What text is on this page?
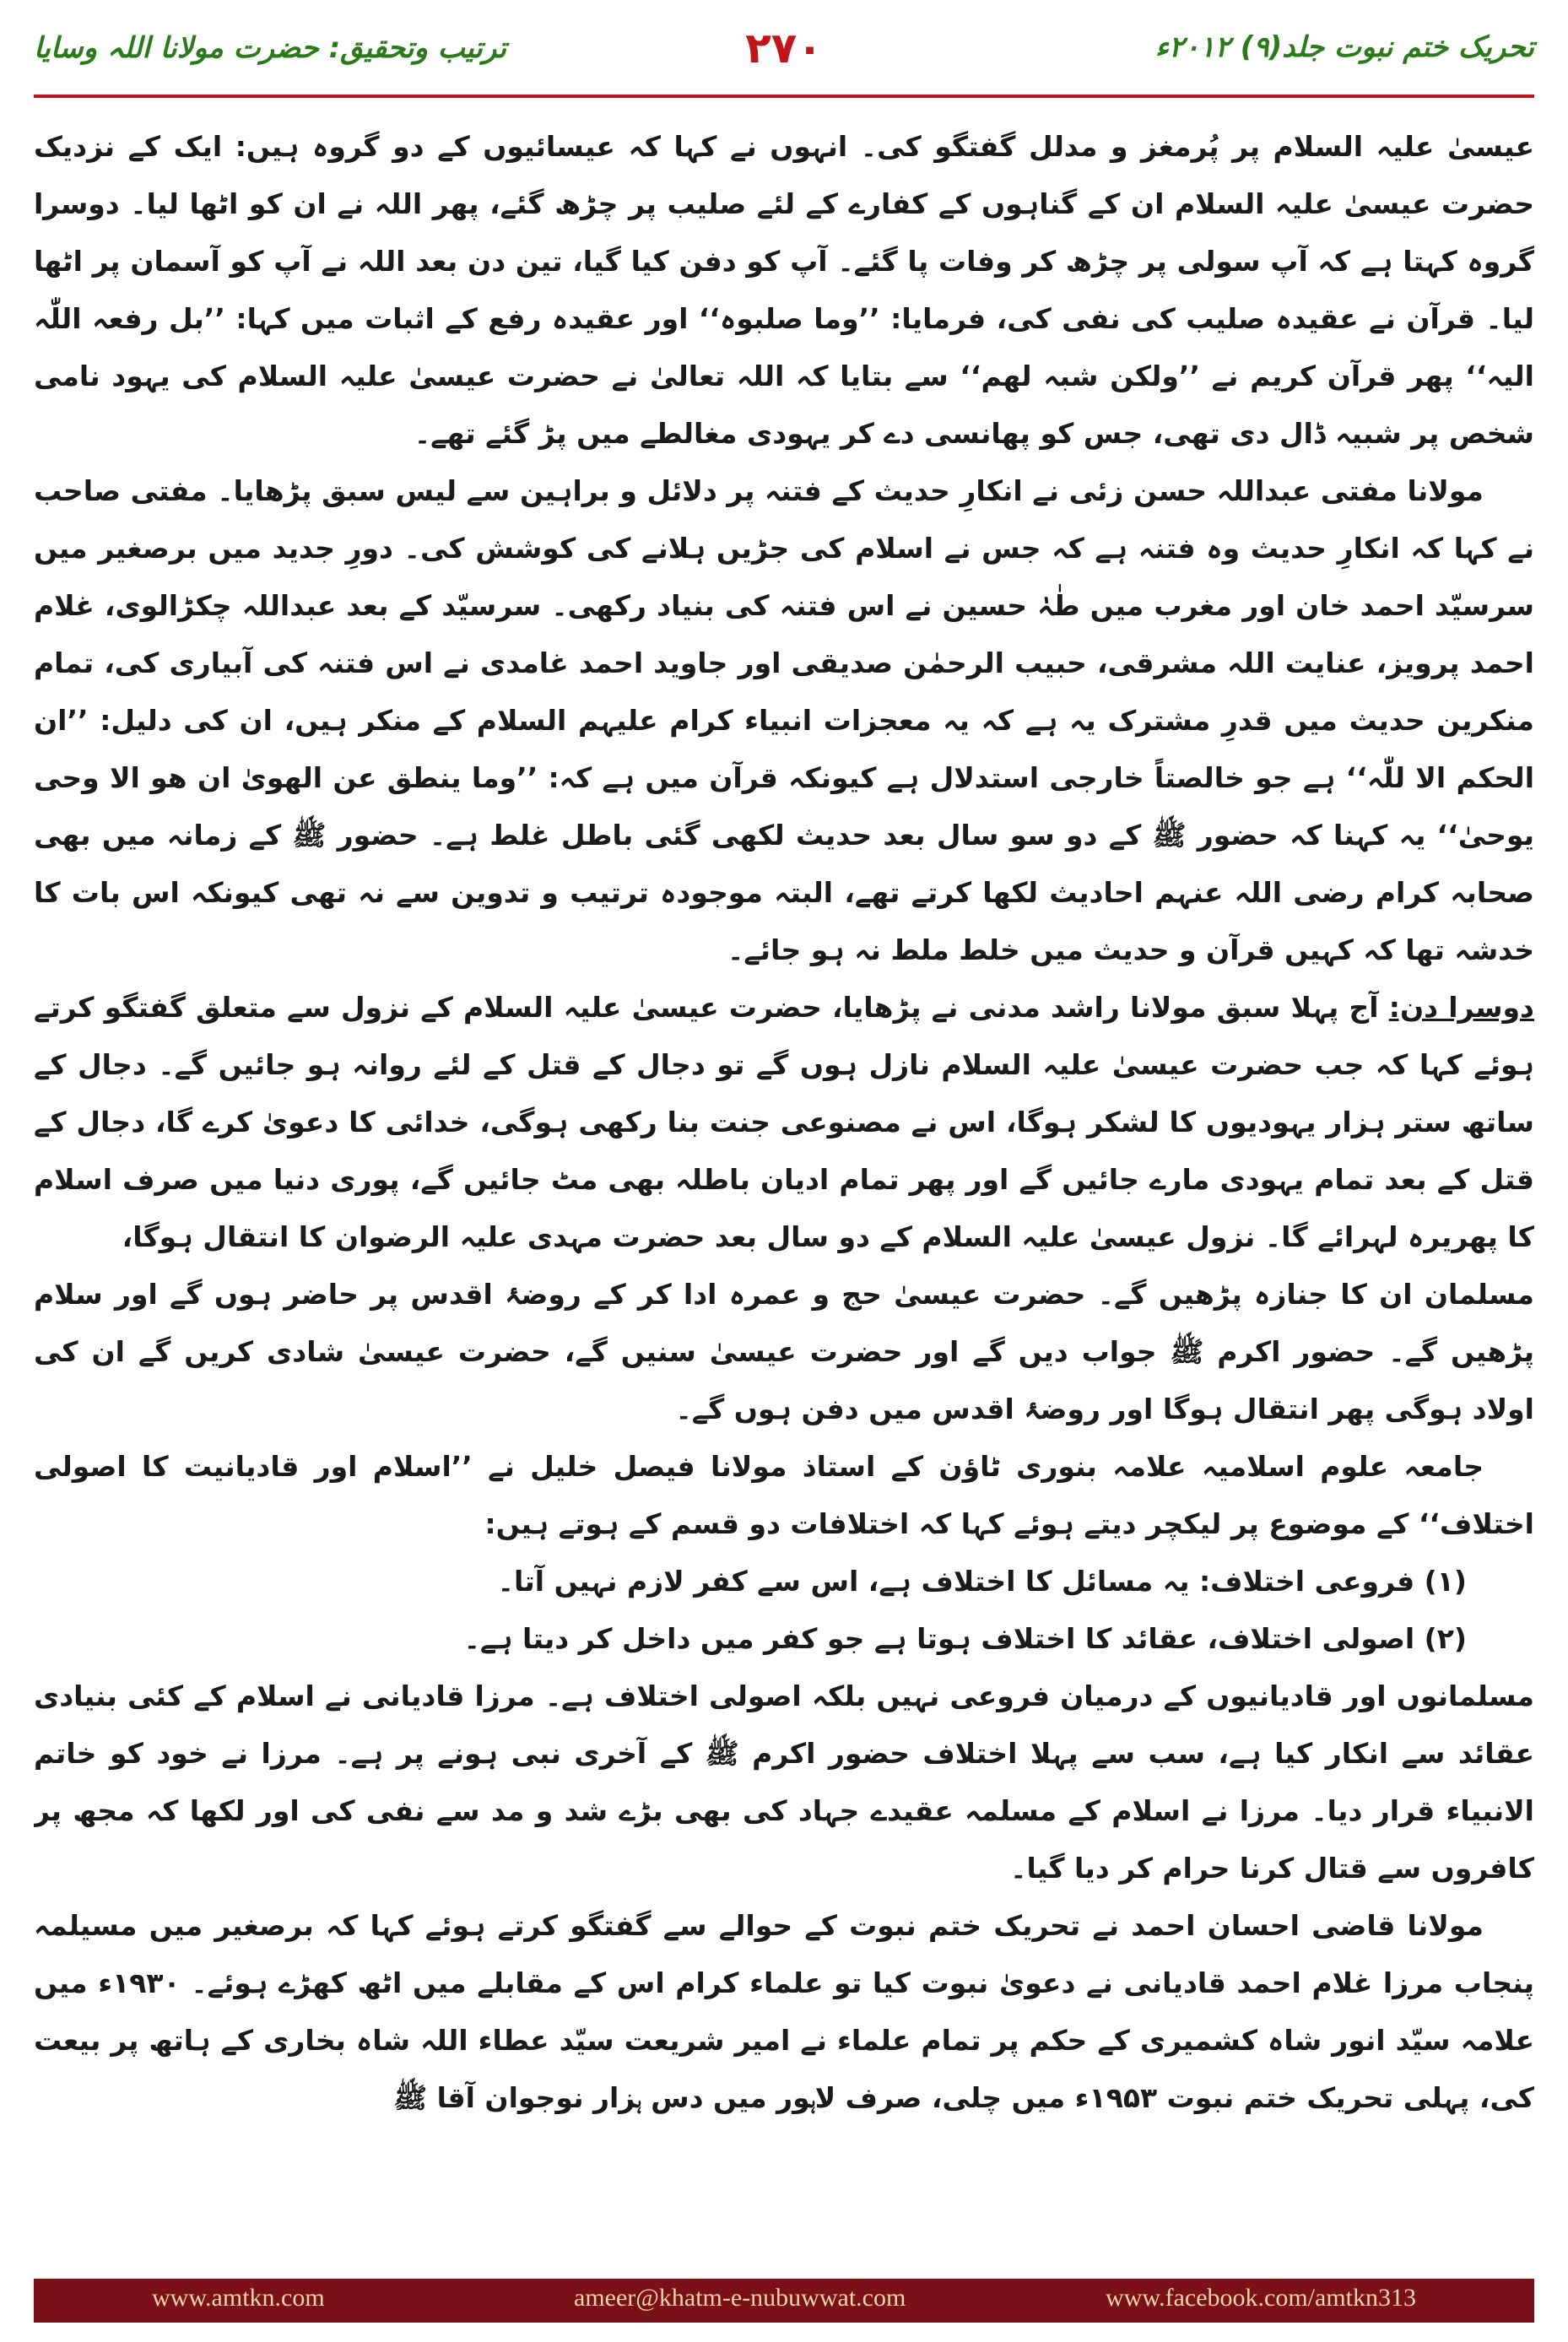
ترتیب وتحقیق: حضرت مولانا اللہ وسایا	۲۷۰	تحریک ختم نبوت جلد(۹) ۲۰۱۲ء

عیسیٰ علیہ السلام پر پُرمغز و مدلل گفتگو کی۔ انہوں نے کہا کہ عیسائیوں کے دو گروہ ہیں: ایک کے نزدیک حضرت عیسیٰ علیہ السلام ان کے گناہوں کے کفارے کے لئے صلیب پر چڑھ گئے، پھر اللہ نے ان کو اٹھا لیا۔ دوسرا گروہ کہتا ہے کہ آپ سولی پر چڑھ کر وفات پا گئے۔ آپ کو دفن کیا گیا، تین دن بعد اللہ نے آپ کو آسمان پر اٹھا لیا۔ قرآن نے عقیدہ صلیب کی نفی کی، فرمایا: ’’وما صلبوہ‘‘ اور عقیدہ رفع کے اثبات میں کہا: ’’بل رفعہ اللّٰہ الیہ‘‘ پھر قرآن کریم نے ’’ولکن شبہ لھم‘‘ سے بتایا کہ اللہ تعالیٰ نے حضرت عیسیٰ علیہ السلام کی یہود نامی شخص پر شبیہ ڈال دی تھی، جس کو پھانسی دے کر یہودی مغالطے میں پڑ گئے تھے۔

مولانا مفتی عبداللہ حسن زئی نے انکارِ حدیث کے فتنہ پر دلائل و براہین سے لیس سبق پڑھایا۔ مفتی صاحب نے کہا کہ انکارِ حدیث وہ فتنہ ہے کہ جس نے اسلام کی جڑیں ہلانے کی کوشش کی۔ دورِ جدید میں برصغیر میں سرسیّد احمد خان اور مغرب میں طٰہٰ حسین نے اس فتنہ کی بنیاد رکھی۔ سرسیّد کے بعد عبداللہ چکڑالوی، غلام احمد پرویز، عنایت اللہ مشرقی، حبیب الرحمٰن صدیقی اور جاوید احمد غامدی نے اس فتنہ کی آبیاری کی، تمام منکرین حدیث میں قدرِ مشترک یہ ہے کہ یہ معجزات انبیاء کرام علیہم السلام کے منکر ہیں، ان کی دلیل: ’’ان الحکم الا للّٰہ‘‘ ہے جو خالصتاً خارجی استدلال ہے کیونکہ قرآن میں ہے کہ: ’’وما ینطق عن الھویٰ ان ھو الا وحی یوحیٰ‘‘ یہ کہنا کہ حضور ﷺ کے دو سو سال بعد حدیث لکھی گئی باطل غلط ہے۔ حضور ﷺ کے زمانہ میں بھی صحابہ کرام رضی اللہ عنہم احادیث لکھا کرتے تھے، البتہ موجودہ ترتیب و تدوین سے نہ تھی کیونکہ اس بات کا خدشہ تھا کہ کہیں قرآن و حدیث میں خلط ملط نہ ہو جائے۔

دوسرا دن: آج پہلا سبق مولانا راشد مدنی نے پڑھایا، حضرت عیسیٰ علیہ السلام کے نزول سے متعلق گفتگو کرتے ہوئے کہا کہ جب حضرت عیسیٰ علیہ السلام نازل ہوں گے تو دجال کے قتل کے لئے روانہ ہو جائیں گے۔ دجال کے ساتھ ستر ہزار یہودیوں کا لشکر ہوگا، اس نے مصنوعی جنت بنا رکھی ہوگی، خدائی کا دعویٰ کرے گا، دجال کے قتل کے بعد تمام یہودی مارے جائیں گے اور پھر تمام ادیان باطلہ بھی مٹ جائیں گے، پوری دنیا میں صرف اسلام کا پھریرہ لہرائے گا۔ نزول عیسیٰ علیہ السلام کے دو سال بعد حضرت مہدی علیہ الرضوان کا انتقال ہوگا،

مسلمان ان کا جنازہ پڑھیں گے۔ حضرت عیسیٰ حج و عمرہ ادا کر کے روضۂ اقدس پر حاضر ہوں گے اور سلام پڑھیں گے۔ حضور اکرم ﷺ جواب دیں گے اور حضرت عیسیٰ سنیں گے، حضرت عیسیٰ شادی کریں گے ان کی اولاد ہوگی پھر انتقال ہوگا اور روضۂ اقدس میں دفن ہوں گے۔

جامعہ علوم اسلامیہ علامہ بنوری ٹاؤن کے استاذ مولانا فیصل خلیل نے ’’اسلام اور قادیانیت کا اصولی اختلاف‘‘ کے موضوع پر لیکچر دیتے ہوئے کہا کہ اختلافات دو قسم کے ہوتے ہیں:

(۱) فروعی اختلاف: یہ مسائل کا اختلاف ہے، اس سے کفر لازم نہیں آتا۔

(۲) اصولی اختلاف، عقائد کا اختلاف ہوتا ہے جو کفر میں داخل کر دیتا ہے۔

مسلمانوں اور قادیانیوں کے درمیان فروعی نہیں بلکہ اصولی اختلاف ہے۔ مرزا قادیانی نے اسلام کے کئی بنیادی عقائد سے انکار کیا ہے، سب سے پہلا اختلاف حضور اکرم ﷺ کے آخری نبی ہونے پر ہے۔ مرزا نے خود کو خاتم الانبیاء قرار دیا۔ مرزا نے اسلام کے مسلمہ عقیدے جہاد کی بھی بڑے شد و مد سے نفی کی اور لکھا کہ مجھ پر کافروں سے قتال کرنا حرام کر دیا گیا۔

مولانا قاضی احسان احمد نے تحریک ختم نبوت کے حوالے سے گفتگو کرتے ہوئے کہا کہ برصغیر میں مسیلمہ پنجاب مرزا غلام احمد قادیانی نے دعویٰ نبوت کیا تو علماء کرام اس کے مقابلے میں اٹھ کھڑے ہوئے۔ ۱۹۳۰ء میں علامہ سیّد انور شاہ کشمیری کے حکم پر تمام علماء نے امیر شریعت سیّد عطاء اللہ شاہ بخاری کے ہاتھ پر بیعت کی، پہلی تحریک ختم نبوت ۱۹۵۳ء میں چلی، صرف لاہور میں دس ہزار نوجوان آقا ﷺ

www.amtkn.com	ameer@khatm-e-nubuwwat.com	www.facebook.com/amtkn313
